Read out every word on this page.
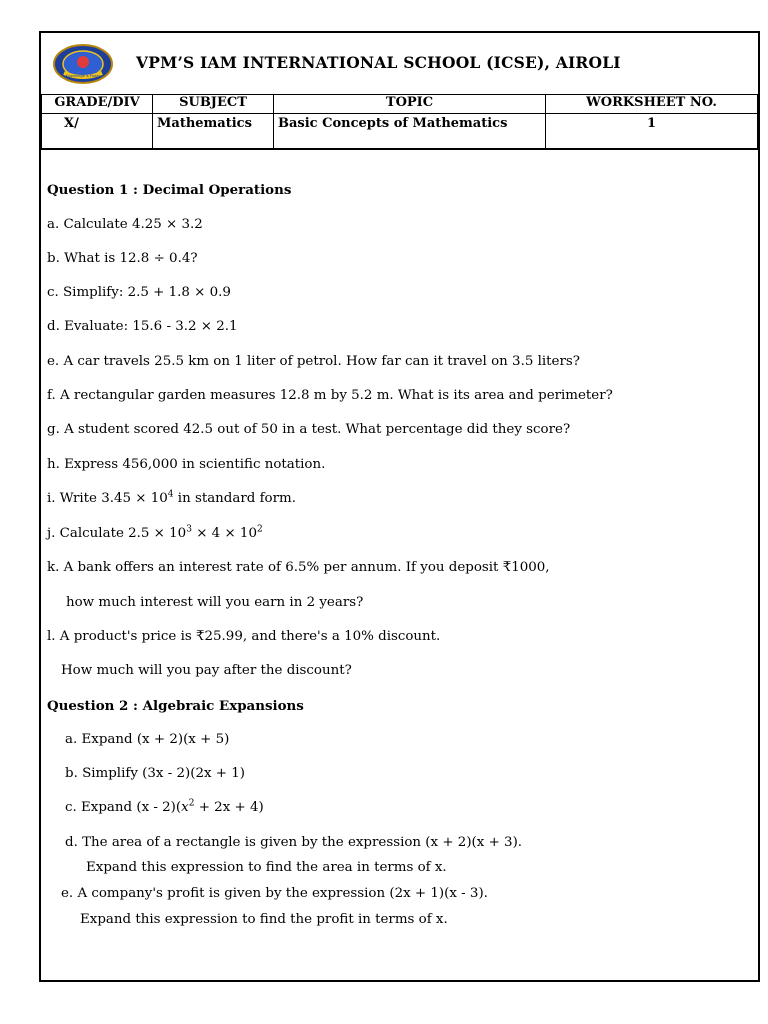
Knowledge is Power
VPM’S IAM INTERNATIONAL SCHOOL (ICSE), AIROLI
GRADE/DIV	SUBJECT	TOPIC	WORKSHEET NO.
X/	Mathematics	Basic Concepts of Mathematics	1
Question 1 : Decimal Operations
a. Calculate 4.25 × 3.2
b. What is 12.8 ÷ 0.4?
c. Simplify: 2.5 + 1.8 × 0.9
d. Evaluate: 15.6 - 3.2 × 2.1
e. A car travels 25.5 km on 1 liter of petrol. How far can it travel on 3.5 liters?
f. A rectangular garden measures 12.8 m by 5.2 m. What is its area and perimeter?
g. A student scored 42.5 out of 50 in a test. What percentage did they score?
h. Express 456,000 in scientific notation.
i. Write $3.45 \times 10^4$ in standard form.
j. Calculate $2.5 \times 10^3 \times 4 \times 10^2$
k. A bank offers an interest rate of 6.5% per annum. If you deposit ₹1000,
how much interest will you earn in 2 years?
l. A product's price is ₹25.99, and there's a 10% discount.
How much will you pay after the discount?
Question 2 : Algebraic Expansions
a. Expand (x + 2)(x + 5)
b. Simplify (3x - 2)(2x + 1)
c. Expand $(x - 2)(x^2 + 2x + 4)$
d. The area of a rectangle is given by the expression (x + 2)(x + 3).
Expand this expression to find the area in terms of x.
e. A company's profit is given by the expression (2x + 1)(x - 3).
Expand this expression to find the profit in terms of x.
